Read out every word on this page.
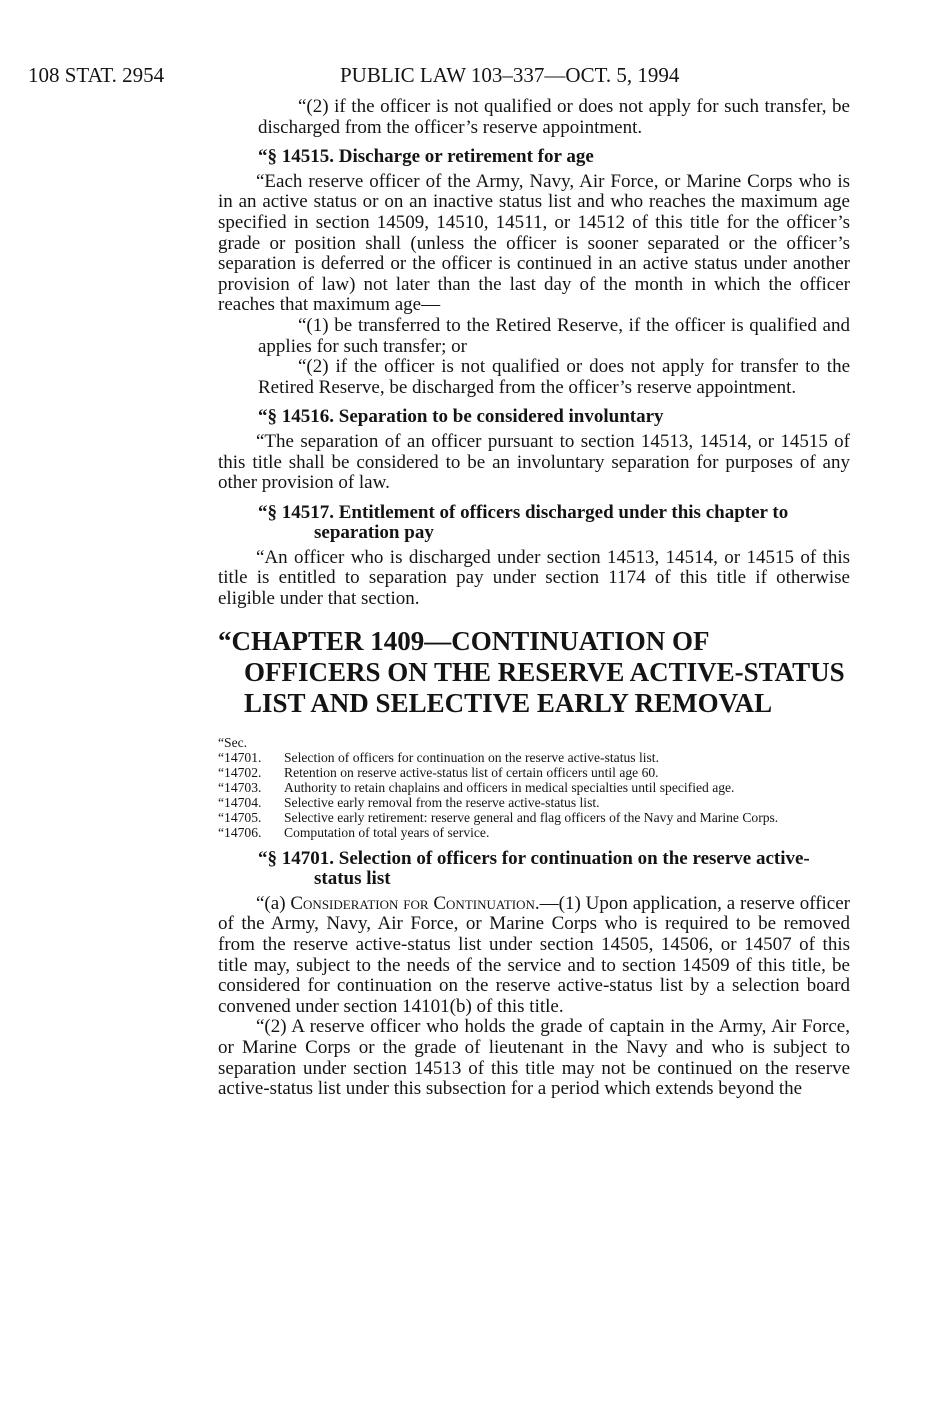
108 STAT. 2954	PUBLIC LAW 103–337—OCT. 5, 1994

“(2) if the officer is not qualified or does not apply for such transfer, be discharged from the officer’s reserve appointment.

“§ 14515. Discharge or retirement for age

“Each reserve officer of the Army, Navy, Air Force, or Marine Corps who is in an active status or on an inactive status list and who reaches the maximum age specified in section 14509, 14510, 14511, or 14512 of this title for the officer’s grade or position shall (unless the officer is sooner separated or the officer’s separation is deferred or the officer is continued in an active status under another provision of law) not later than the last day of the month in which the officer reaches that maximum age—

“(1) be transferred to the Retired Reserve, if the officer is qualified and applies for such transfer; or

“(2) if the officer is not qualified or does not apply for transfer to the Retired Reserve, be discharged from the officer’s reserve appointment.

“§ 14516. Separation to be considered involuntary

“The separation of an officer pursuant to section 14513, 14514, or 14515 of this title shall be considered to be an involuntary separation for purposes of any other provision of law.

“§ 14517. Entitlement of officers discharged under this chapter to separation pay

“An officer who is discharged under section 14513, 14514, or 14515 of this title is entitled to separation pay under section 1174 of this title if otherwise eligible under that section.

“CHAPTER 1409—CONTINUATION OF OFFICERS ON THE RESERVE ACTIVE-STATUS LIST AND SELECTIVE EARLY REMOVAL

“Sec.
“14701. Selection of officers for continuation on the reserve active-status list.
“14702. Retention on reserve active-status list of certain officers until age 60.
“14703. Authority to retain chaplains and officers in medical specialties until specified age.
“14704. Selective early removal from the reserve active-status list.
“14705. Selective early retirement: reserve general and flag officers of the Navy and Marine Corps.
“14706. Computation of total years of service.

“§ 14701. Selection of officers for continuation on the reserve active-status list

“(a) Consideration for Continuation.—(1) Upon application, a reserve officer of the Army, Navy, Air Force, or Marine Corps who is required to be removed from the reserve active-status list under section 14505, 14506, or 14507 of this title may, subject to the needs of the service and to section 14509 of this title, be considered for continuation on the reserve active-status list by a selection board convened under section 14101(b) of this title.

“(2) A reserve officer who holds the grade of captain in the Army, Air Force, or Marine Corps or the grade of lieutenant in the Navy and who is subject to separation under section 14513 of this title may not be continued on the reserve active-status list under this subsection for a period which extends beyond the
